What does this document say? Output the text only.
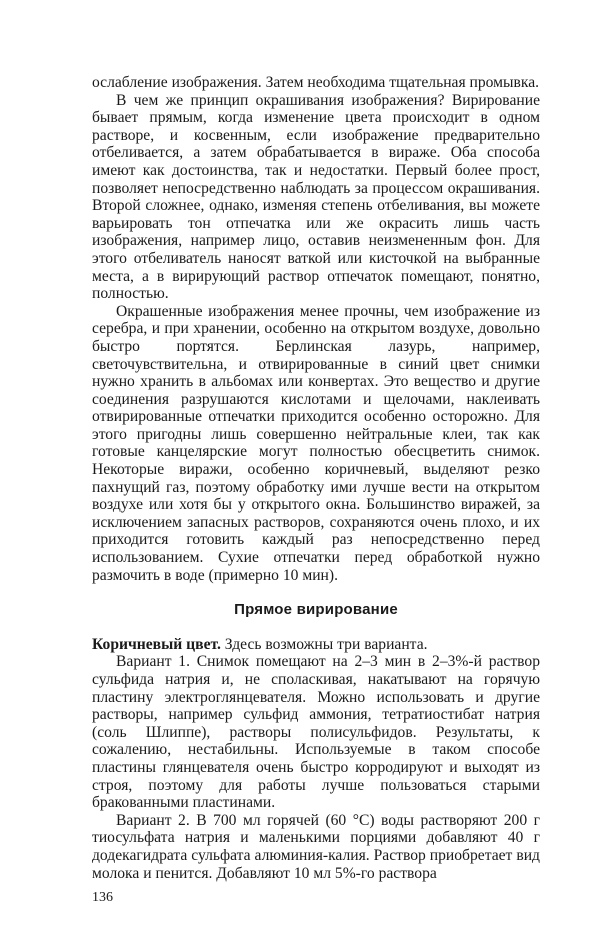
ослабление изображения. Затем необходима тщательная промывка.

В чем же принцип окрашивания изображения? Вирирование бывает прямым, когда изменение цвета происходит в одном растворе, и косвенным, если изображение предварительно отбеливается, а затем обрабатывается в вираже. Оба способа имеют как достоинства, так и недостатки. Первый более прост, позволяет непосредственно наблюдать за процессом окрашивания. Второй сложнее, однако, изменяя степень отбеливания, вы можете варьировать тон отпечатка или же окрасить лишь часть изображения, например лицо, оставив неизмененным фон. Для этого отбеливатель наносят ваткой или кисточкой на выбранные места, а в вирирующий раствор отпечаток помещают, понятно, полностью.

Окрашенные изображения менее прочны, чем изображение из серебра, и при хранении, особенно на открытом воздухе, довольно быстро портятся. Берлинская лазурь, например, светочувствительна, и отвирированные в синий цвет снимки нужно хранить в альбомах или конвертах. Это вещество и другие соединения разрушаются кислотами и щелочами, наклеивать отвирированные отпечатки приходится особенно осторожно. Для этого пригодны лишь совершенно нейтральные клеи, так как готовые канцелярские могут полностью обесцветить снимок. Некоторые виражи, особенно коричневый, выделяют резко пахнущий газ, поэтому обработку ими лучше вести на открытом воздухе или хотя бы у открытого окна. Большинство виражей, за исключением запасных растворов, сохраняются очень плохо, и их приходится готовить каждый раз непосредственно перед использованием. Сухие отпечатки перед обработкой нужно размочить в воде (примерно 10 мин).

Прямое вирирование

Коричневый цвет. Здесь возможны три варианта.

Вариант 1. Снимок помещают на 2–3 мин в 2–3%-й раствор сульфида натрия и, не споласкивая, накатывают на горячую пластину электроглянцевателя. Можно использовать и другие растворы, например сульфид аммония, тетратиостибат натрия (соль Шлиппе), растворы полисульфидов. Результаты, к сожалению, нестабильны. Используемые в таком способе пластины глянцевателя очень быстро корродируют и выходят из строя, поэтому для работы лучше пользоваться старыми бракованными пластинами.

Вариант 2. В 700 мл горячей (60 °С) воды растворяют 200 г тиосульфата натрия и маленькими порциями добавляют 40 г додекагидрата сульфата алюминия-калия. Раствор приобретает вид молока и пенится. Добавляют 10 мл 5%-го раствора

136
